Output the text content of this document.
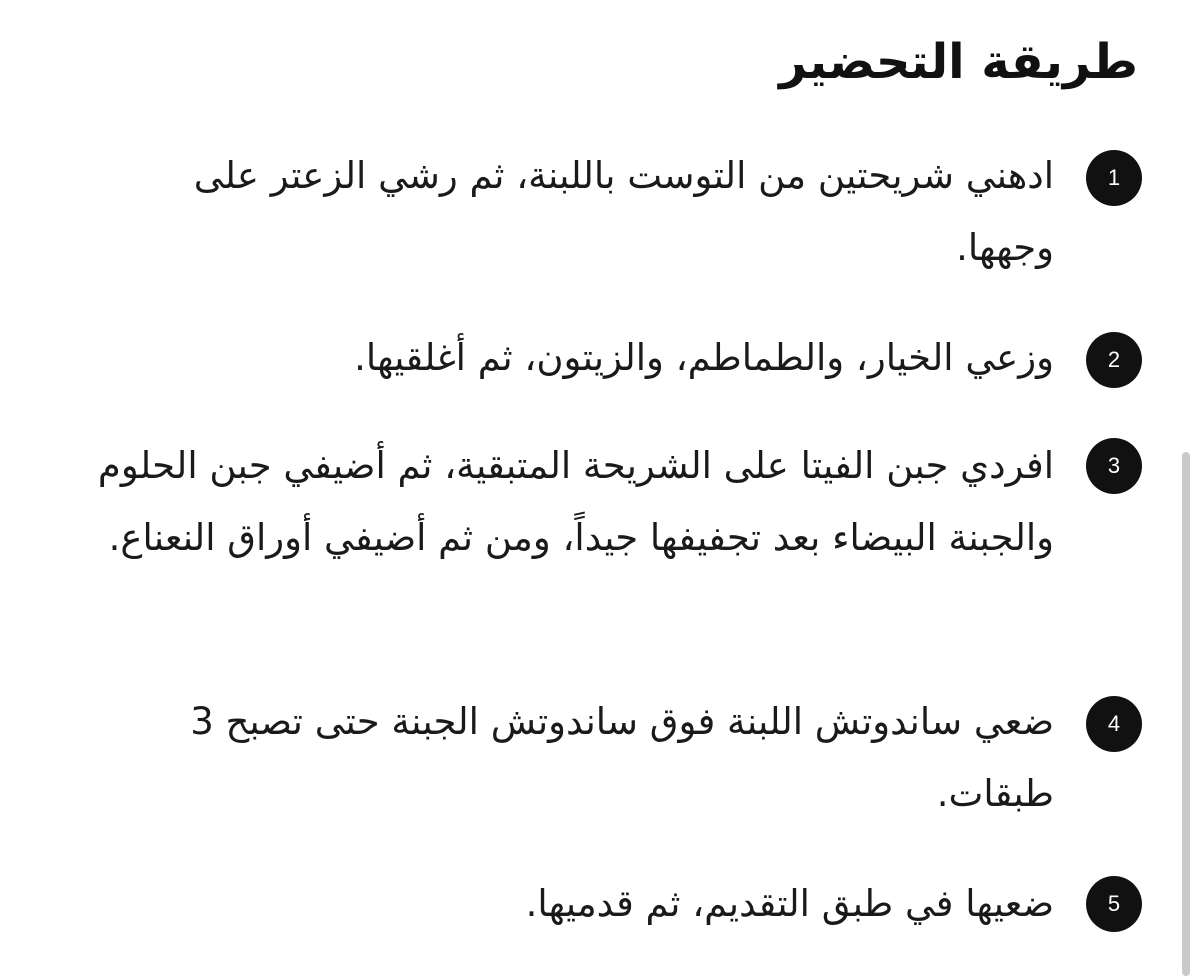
طريقة التحضير
1
ادهني شريحتين من التوست باللبنة، ثم رشي الزعتر على وجهها.
2
وزعي الخيار، والطماطم، والزيتون، ثم أغلقيها.
3
افردي جبن الفيتا على الشريحة المتبقية، ثم أضيفي جبن الحلوم والجبنة البيضاء بعد تجفيفها جيداً، ومن ثم أضيفي أوراق النعناع.
4
ضعي ساندوتش اللبنة فوق ساندوتش الجبنة حتى تصبح 3 طبقات.
5
ضعيها في طبق التقديم، ثم قدميها.
